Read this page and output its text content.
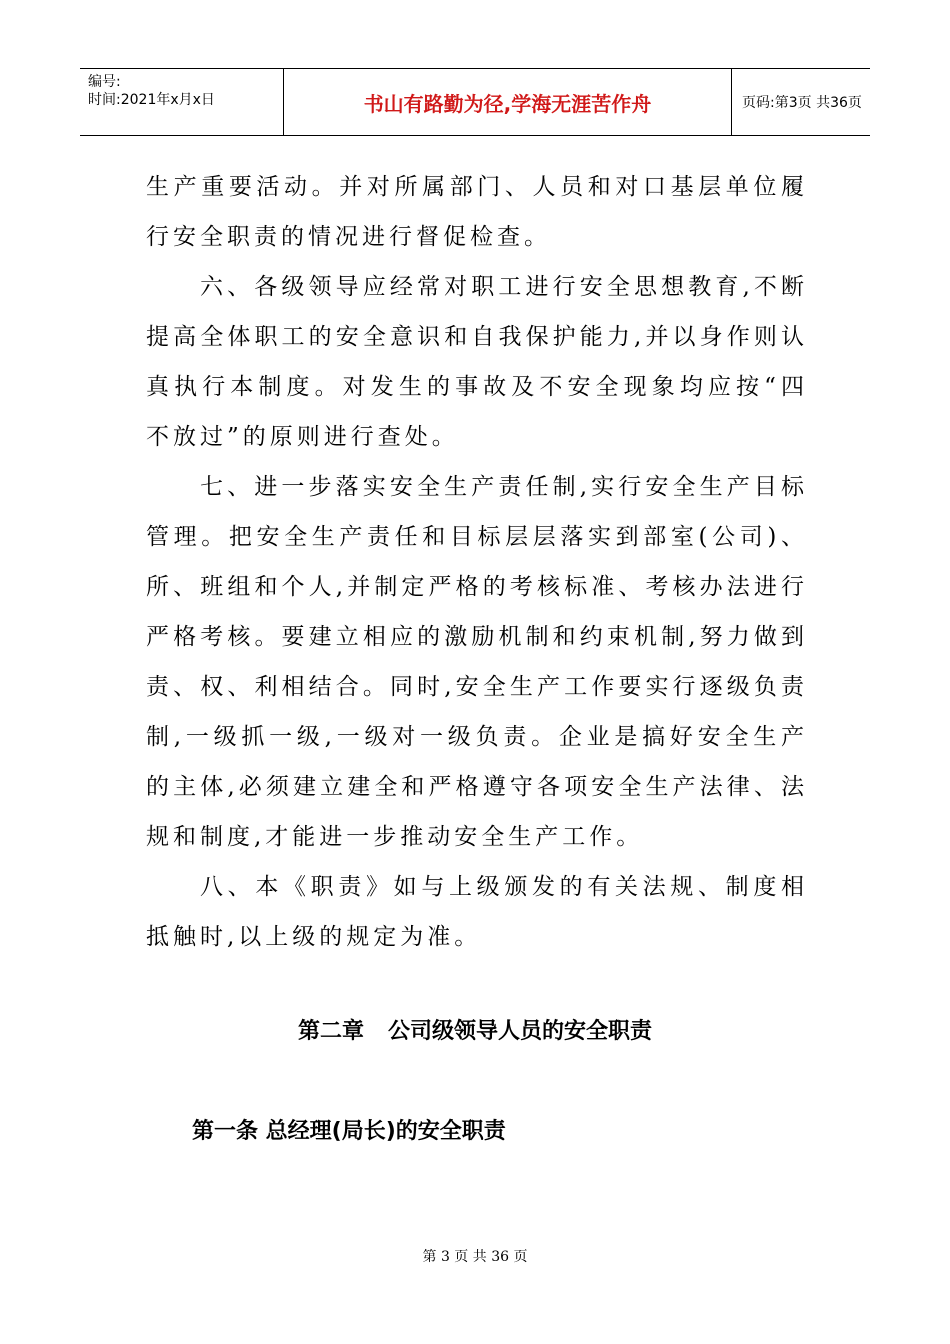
编号:
时间:2021年x月x日	书山有路勤为径,学海无涯苦作舟	页码:第3页 共36页

生产重要活动。并对所属部门、人员和对口基层单位履行安全职责的情况进行督促检查。

六、各级领导应经常对职工进行安全思想教育,不断提高全体职工的安全意识和自我保护能力,并以身作则认真执行本制度。对发生的事故及不安全现象均应按“四不放过”的原则进行查处。

七、进一步落实安全生产责任制,实行安全生产目标管理。把安全生产责任和目标层层落实到部室(公司)、所、班组和个人,并制定严格的考核标准、考核办法进行严格考核。要建立相应的激励机制和约束机制,努力做到责、权、利相结合。同时,安全生产工作要实行逐级负责制,一级抓一级,一级对一级负责。企业是搞好安全生产的主体,必须建立建全和严格遵守各项安全生产法律、法规和制度,才能进一步推动安全生产工作。

八、本《职责》如与上级颁发的有关法规、制度相抵触时,以上级的规定为准。

第二章 公司级领导人员的安全职责
第一条 总经理(局长)的安全职责
第 3 页 共 36 页
